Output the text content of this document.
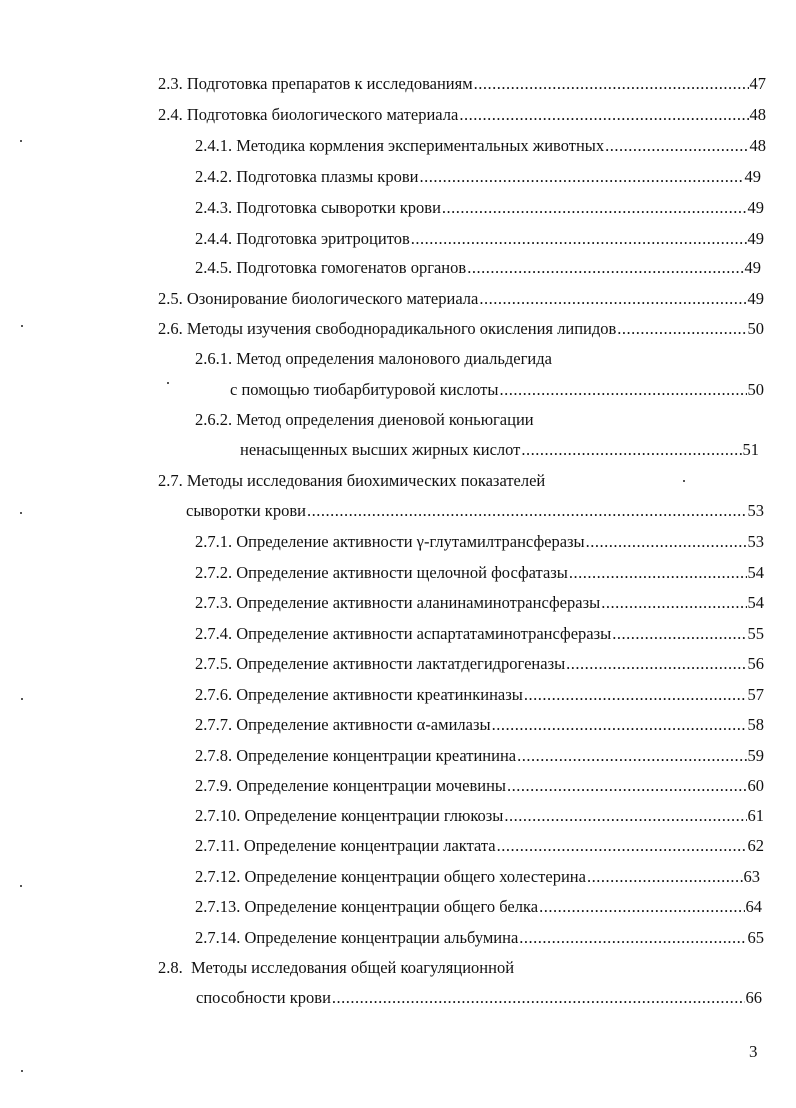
2.3. Подготовка препаратов к исследованиям .....	47
2.4. Подготовка биологического материала .....	48
2.4.1. Методика кормления экспериментальных животных .....	48
2.4.2. Подготовка плазмы крови .....	49
2.4.3. Подготовка сыворотки крови .....	49
2.4.4. Подготовка эритроцитов .....	49
2.4.5. Подготовка гомогенатов органов .....	49
2.5. Озонирование биологического материала .....	49
2.6. Методы изучения свободнорадикального окисления липидов .....	50
2.6.1. Метод определения малонового диальдегида
с помощью тиобарбитуровой кислоты .....	50
2.6.2. Метод определения диеновой коньюгации
ненасыщенных высших жирных кислот .....	51
2.7. Методы исследования биохимических показателей
сыворотки крови .....	53
2.7.1. Определение активности γ-глутамилтрансферазы .....	53
2.7.2. Определение активности щелочной фосфатазы .....	54
2.7.3. Определение активности аланинаминотрансферазы .....	54
2.7.4. Определение активности аспартатаминотрансферазы .....	55
2.7.5. Определение активности лактатдегидрогеназы .....	56
2.7.6. Определение активности креатинкиназы .....	57
2.7.7. Определение активности α-амилазы .....	58
2.7.8. Определение концентрации креатинина .....	59
2.7.9. Определение концентрации мочевины .....	60
2.7.10. Определение концентрации глюкозы .....	61
2.7.11. Определение концентрации лактата .....	62
2.7.12. Определение концентрации общего холестерина .....	63
2.7.13. Определение концентрации общего белка .....	64
2.7.14. Определение концентрации альбумина .....	65
2.8.  Методы исследования общей коагуляционной
способности крови .....	66
3
